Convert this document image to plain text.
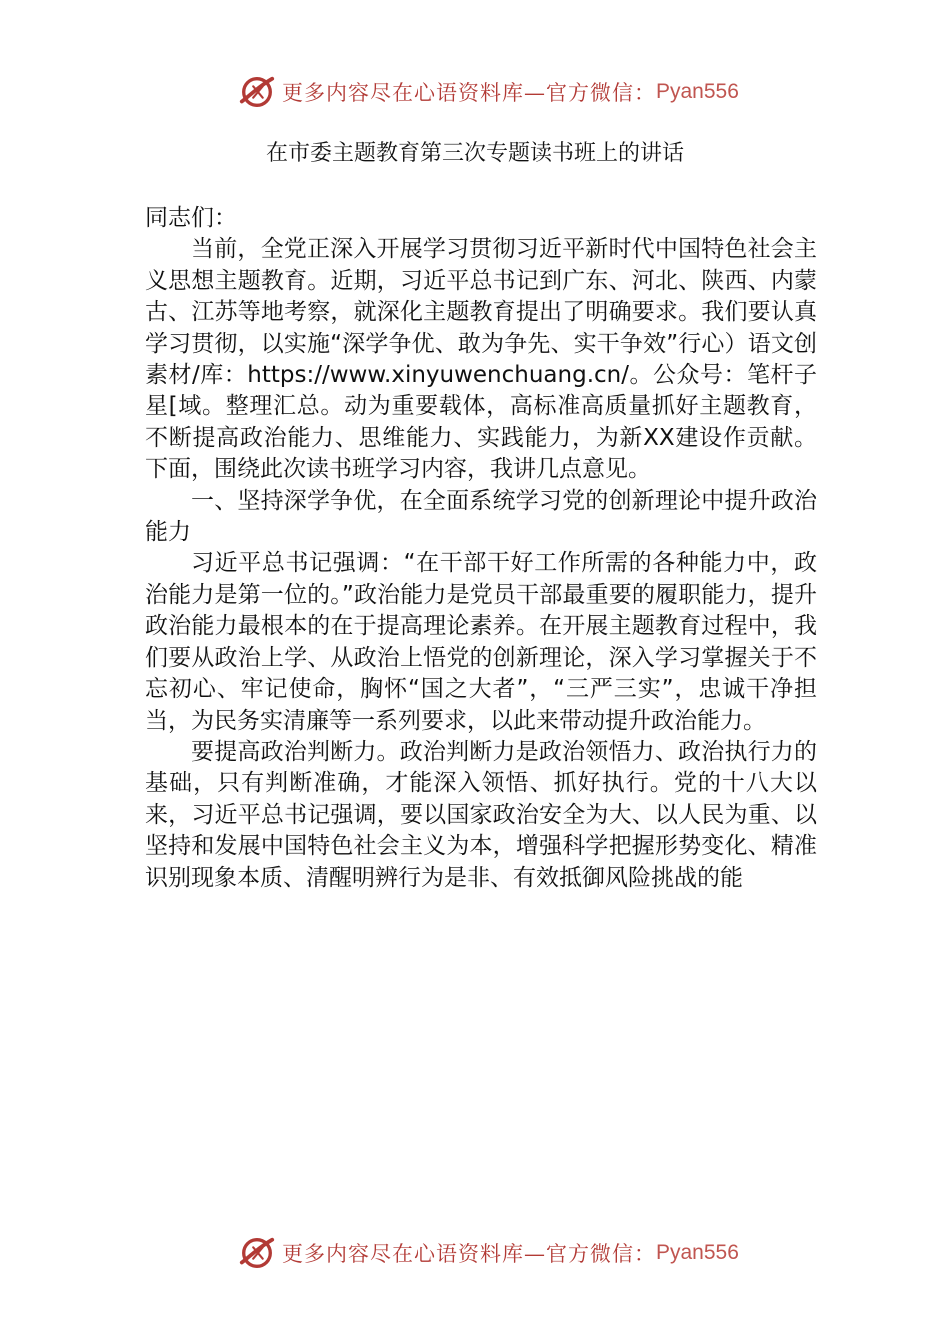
更多内容尽在心语资料库—官方微信： Pyan556
在市委主题教育第三次专题读书班上的讲话

同志们：

当前，全党正深入开展学习贯彻习近平新时代中国特色社会主义思想主题教育。近期，习近平总书记到广东、河北、陕西、内蒙古、江苏等地考察，就深化主题教育提出了明确要求。我们要认真学习贯彻，以实施“深学争优、敢为争先、实干争效”行心）语文创素材/库：https://www.xinyuwenchuang.cn/。公众号：笔杆子星[域。整理汇总。动为重要载体，高标准高质量抓好主题教育，不断提高政治能力、思维能力、实践能力，为新XX建设作贡献。下面，围绕此次读书班学习内容，我讲几点意见。

一、坚持深学争优，在全面系统学习党的创新理论中提升政治能力

习近平总书记强调：“在干部干好工作所需的各种能力中，政治能力是第一位的。”政治能力是党员干部最重要的履职能力，提升政治能力最根本的在于提高理论素养。在开展主题教育过程中，我们要从政治上学、从政治上悟党的创新理论，深入学习掌握关于不忘初心、牢记使命，胸怀“国之大者”，“三严三实”，忠诚干净担当，为民务实清廉等一系列要求，以此来带动提升政治能力。

要提高政治判断力。政治判断力是政治领悟力、政治执行力的基础，只有判断准确，才能深入领悟、抓好执行。党的十八大以来，习近平总书记强调，要以国家政治安全为大、以人民为重、以坚持和发展中国特色社会主义为本，增强科学把握形势变化、精准识别现象本质、清醒明辨行为是非、有效抵御风险挑战的能

更多内容尽在心语资料库—官方微信： Pyan556
